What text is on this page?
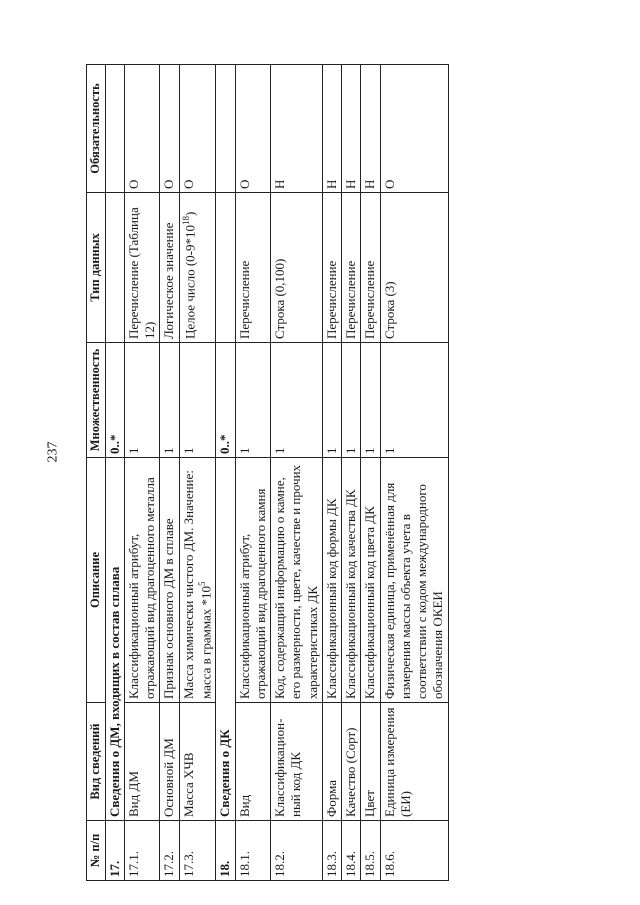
237
№ п/п	Вид сведений	Описание	Множественность	Тип данных	Обязательность
17.	Сведения о ДМ, входящих в состав сплава		0..*		
17.1.	Вид ДМ	Классификационный атрибут, отражающий вид драгоценного металла	1	Перечисление (Таблица 12)	О
17.2.	Основной ДМ	Признак основного ДМ в сплаве	1	Логическое значение	О
17.3.	Масса ХЧВ	Масса химически чистого ДМ. Значение: масса в граммах $*10^5$	1	Целое число $(0-9*10^{18})$	О
18.	Сведения о ДК		0..*		
18.1.	Вид	Классификационный атрибут, отражающий вид драгоценного камня	1	Перечисление	О
18.2.	Классификацион-ный код ДК	Код, содержащий информацию о камне, его размерности, цвете, качестве и прочих характеристиках ДК	1	Строка (0,100)	Н
18.3.	Форма	Классификационный код формы ДК	1	Перечисление	Н
18.4.	Качество (Сорт)	Классификационный код качества ДК	1	Перечисление	Н
18.5.	Цвет	Классификационный код цвета ДК	1	Перечисление	Н
18.6.	Единица измерения (ЕИ)	Физическая единица, применённая для измерения массы объекта учета в соответствии с кодом международного обозначения ОКЕИ	1	Строка (3)	О
